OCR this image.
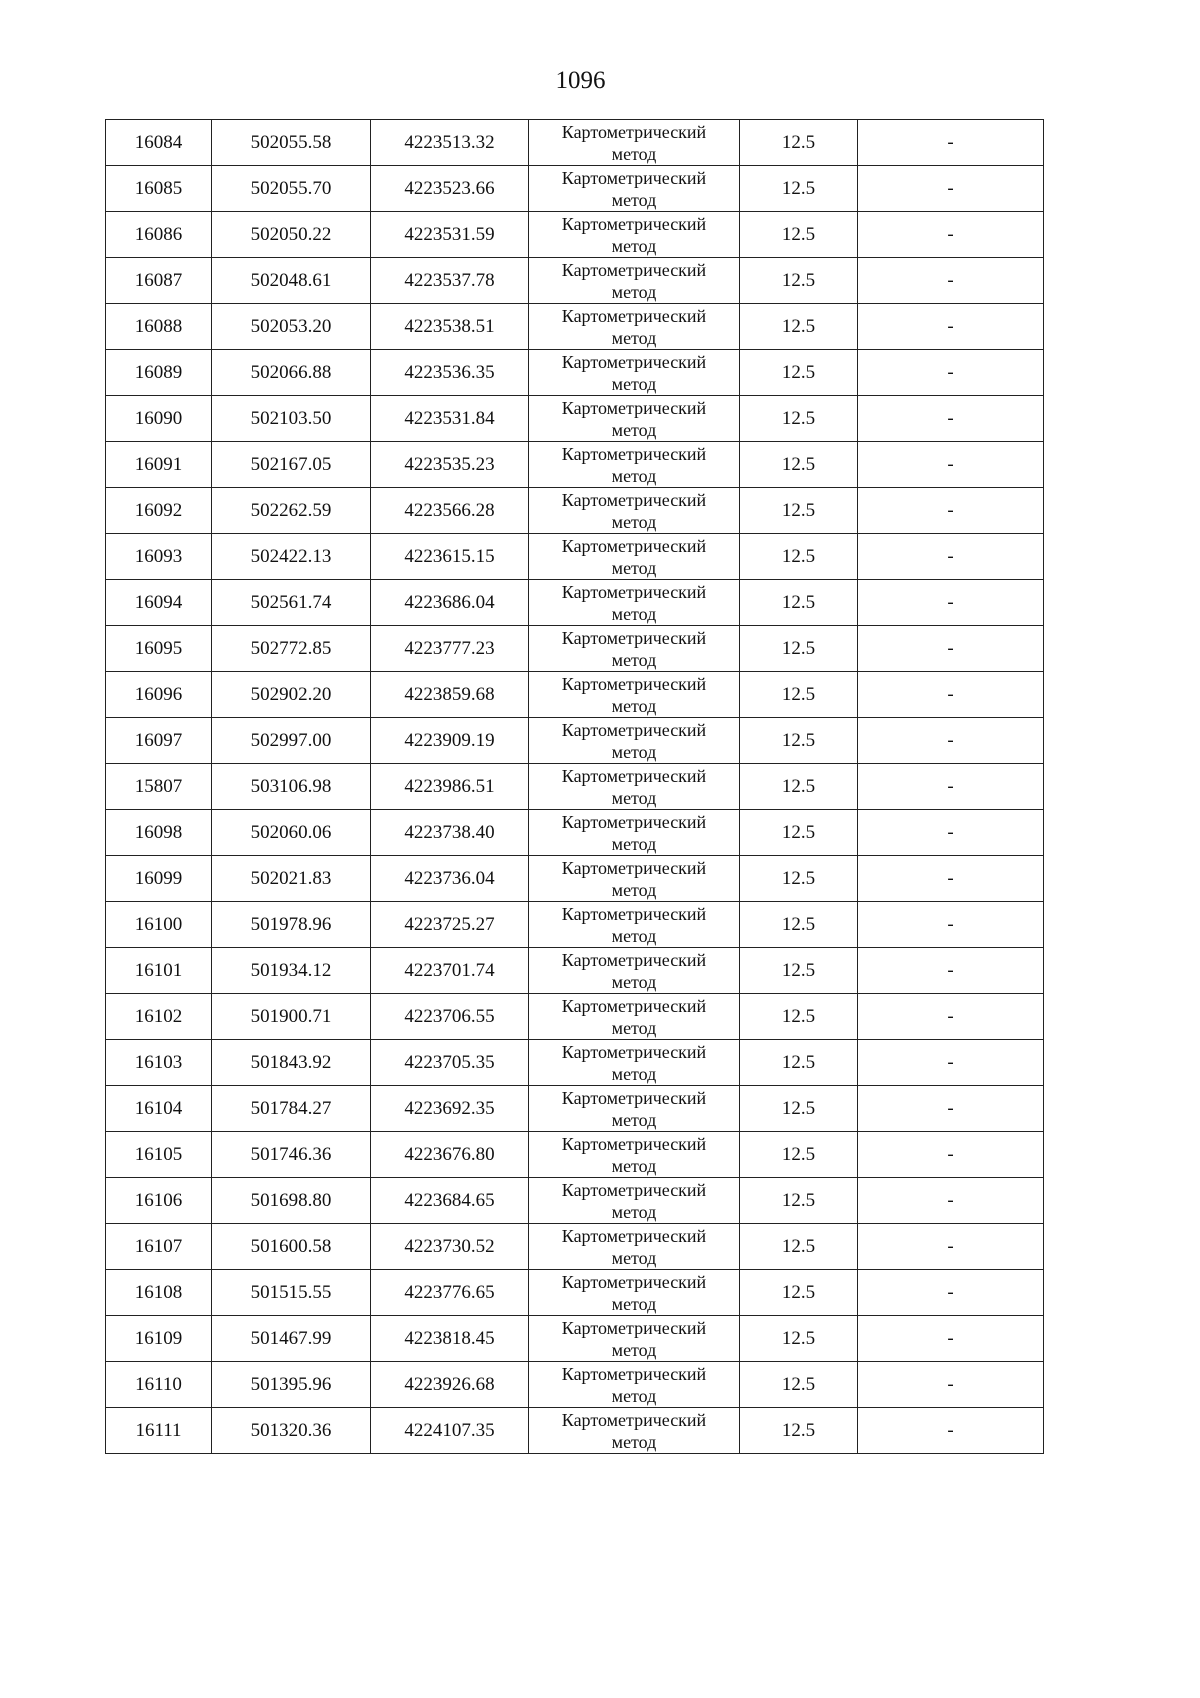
1096
16084	502055.58	4223513.32	Картометрический метод	12.5	-
16085	502055.70	4223523.66	Картометрический метод	12.5	-
16086	502050.22	4223531.59	Картометрический метод	12.5	-
16087	502048.61	4223537.78	Картометрический метод	12.5	-
16088	502053.20	4223538.51	Картометрический метод	12.5	-
16089	502066.88	4223536.35	Картометрический метод	12.5	-
16090	502103.50	4223531.84	Картометрический метод	12.5	-
16091	502167.05	4223535.23	Картометрический метод	12.5	-
16092	502262.59	4223566.28	Картометрический метод	12.5	-
16093	502422.13	4223615.15	Картометрический метод	12.5	-
16094	502561.74	4223686.04	Картометрический метод	12.5	-
16095	502772.85	4223777.23	Картометрический метод	12.5	-
16096	502902.20	4223859.68	Картометрический метод	12.5	-
16097	502997.00	4223909.19	Картометрический метод	12.5	-
15807	503106.98	4223986.51	Картометрический метод	12.5	-
16098	502060.06	4223738.40	Картометрический метод	12.5	-
16099	502021.83	4223736.04	Картометрический метод	12.5	-
16100	501978.96	4223725.27	Картометрический метод	12.5	-
16101	501934.12	4223701.74	Картометрический метод	12.5	-
16102	501900.71	4223706.55	Картометрический метод	12.5	-
16103	501843.92	4223705.35	Картометрический метод	12.5	-
16104	501784.27	4223692.35	Картометрический метод	12.5	-
16105	501746.36	4223676.80	Картометрический метод	12.5	-
16106	501698.80	4223684.65	Картометрический метод	12.5	-
16107	501600.58	4223730.52	Картометрический метод	12.5	-
16108	501515.55	4223776.65	Картометрический метод	12.5	-
16109	501467.99	4223818.45	Картометрический метод	12.5	-
16110	501395.96	4223926.68	Картометрический метод	12.5	-
16111	501320.36	4224107.35	Картометрический метод	12.5	-
